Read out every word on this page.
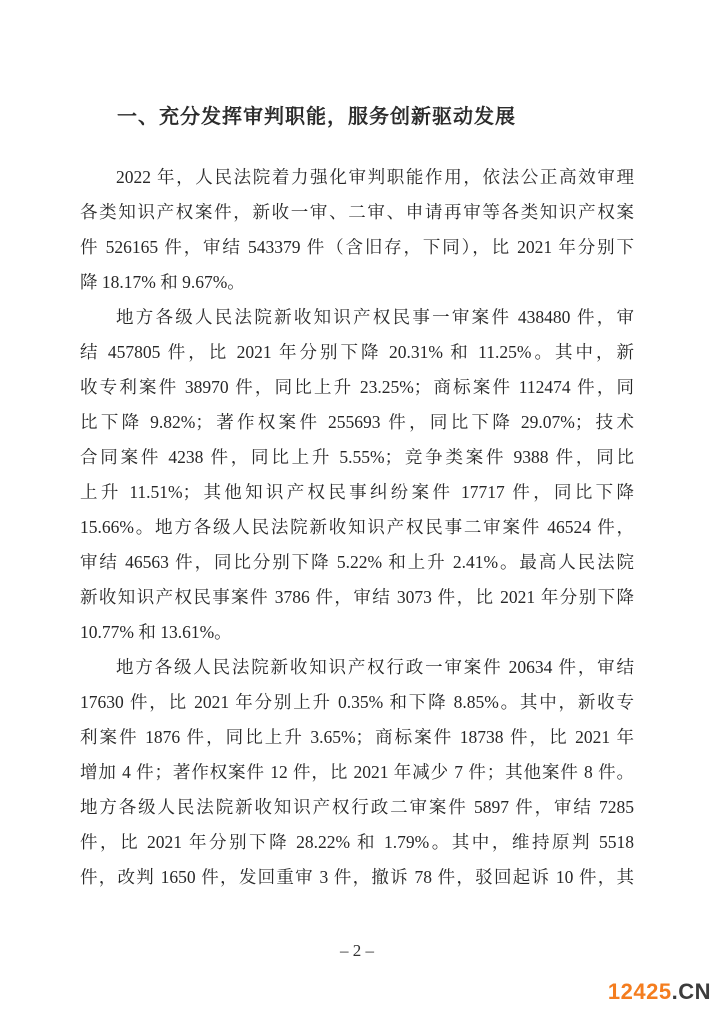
一、充分发挥审判职能，服务创新驱动发展
2022 年，人民法院着力强化审判职能作用，依法公正高效审理
各类知识产权案件，新收一审、二审、申请再审等各类知识产权案
件 526165 件，审结 543379 件（含旧存，下同），比 2021 年分别下
降 18.17% 和 9.67%。
地方各级人民法院新收知识产权民事一审案件 438480 件，审
结 457805 件，比 2021 年分别下降 20.31% 和 11.25%。其中，新
收专利案件 38970 件，同比上升 23.25%；商标案件 112474 件，同
比下降 9.82%；著作权案件 255693 件，同比下降 29.07%；技术
合同案件 4238 件，同比上升 5.55%；竞争类案件 9388 件，同比
上升 11.51%；其他知识产权民事纠纷案件 17717 件，同比下降
15.66%。地方各级人民法院新收知识产权民事二审案件 46524 件，
审结 46563 件，同比分别下降 5.22% 和上升 2.41%。最高人民法院
新收知识产权民事案件 3786 件，审结 3073 件，比 2021 年分别下降
10.77% 和 13.61%。
地方各级人民法院新收知识产权行政一审案件 20634 件，审结
17630 件，比 2021 年分别上升 0.35% 和下降 8.85%。其中，新收专
利案件 1876 件，同比上升 3.65%；商标案件 18738 件，比 2021 年
增加 4 件；著作权案件 12 件，比 2021 年减少 7 件；其他案件 8 件。
地方各级人民法院新收知识产权行政二审案件 5897 件，审结 7285
件，比 2021 年分别下降 28.22% 和 1.79%。其中，维持原判 5518
件，改判 1650 件，发回重审 3 件，撤诉 78 件，驳回起诉 10 件，其
– 2 –
12425.CN
